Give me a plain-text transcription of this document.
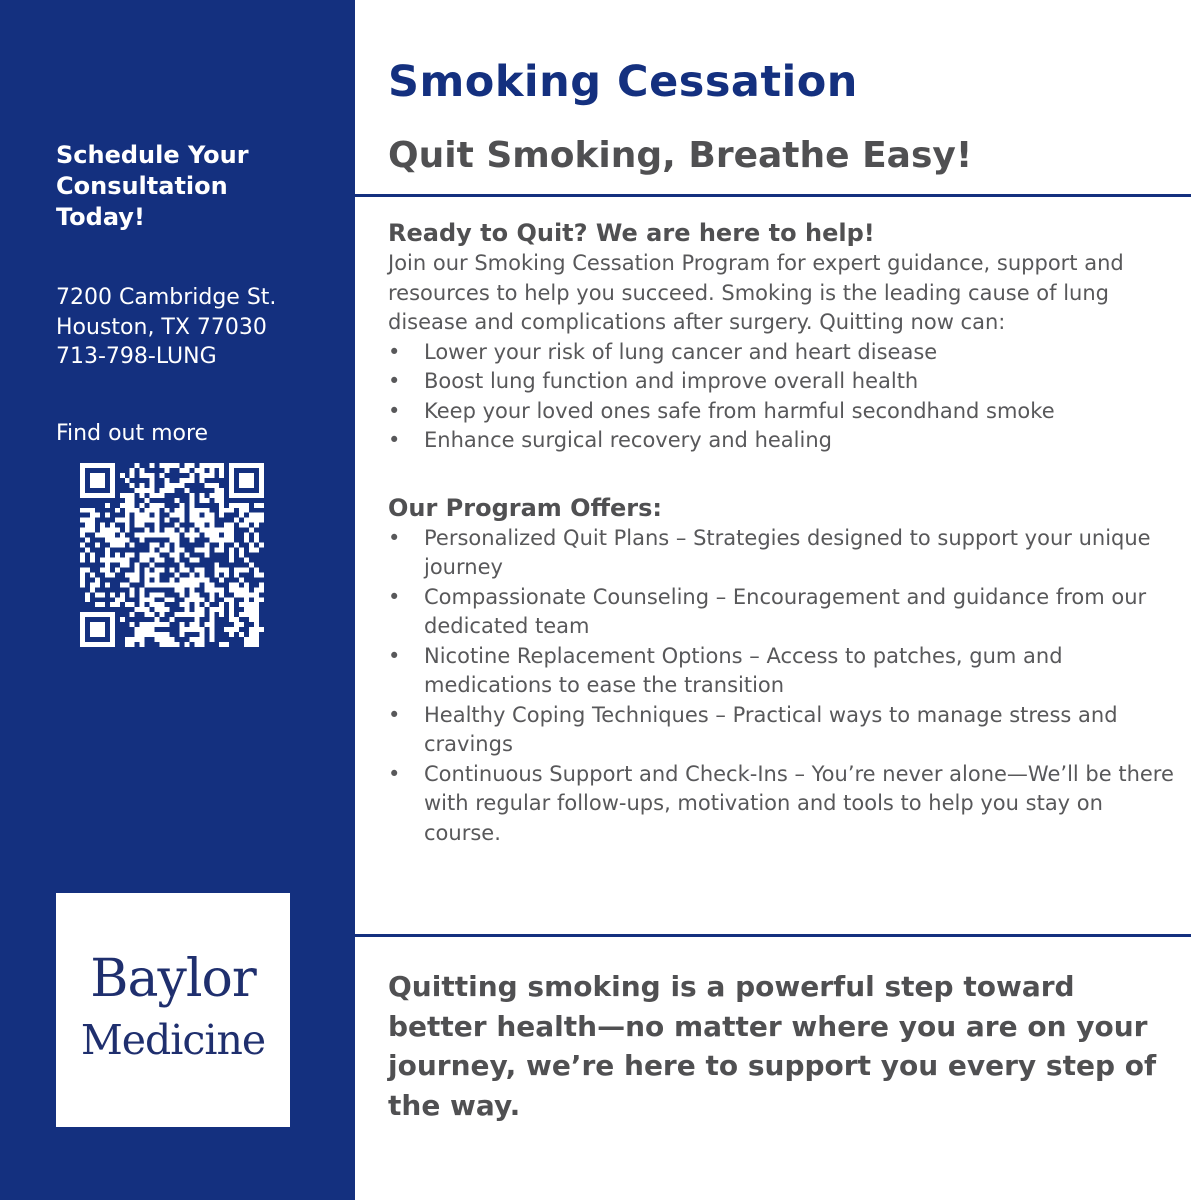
Schedule Your
Consultation
Today!
7200 Cambridge St.
Houston, TX 77030
713-798-LUNG
Find out more
Baylor
Medicine
Smoking Cessation
Quit Smoking, Breathe Easy!
Ready to Quit? We are here to help!
Join our Smoking Cessation Program for expert guidance, support and resources to help you succeed. Smoking is the leading cause of lung disease and complications after surgery. Quitting now can:
• Lower your risk of lung cancer and heart disease
• Boost lung function and improve overall health
• Keep your loved ones safe from harmful secondhand smoke
• Enhance surgical recovery and healing
Our Program Offers:
• Personalized Quit Plans – Strategies designed to support your unique journey
• Compassionate Counseling – Encouragement and guidance from our dedicated team
• Nicotine Replacement Options – Access to patches, gum and medications to ease the transition
• Healthy Coping Techniques – Practical ways to manage stress and cravings
• Continuous Support and Check-Ins – You’re never alone—We’ll be there with regular follow-ups, motivation and tools to help you stay on course.

Quitting smoking is a powerful step toward better health—no matter where you are on your journey, we’re here to support you every step of the way.
